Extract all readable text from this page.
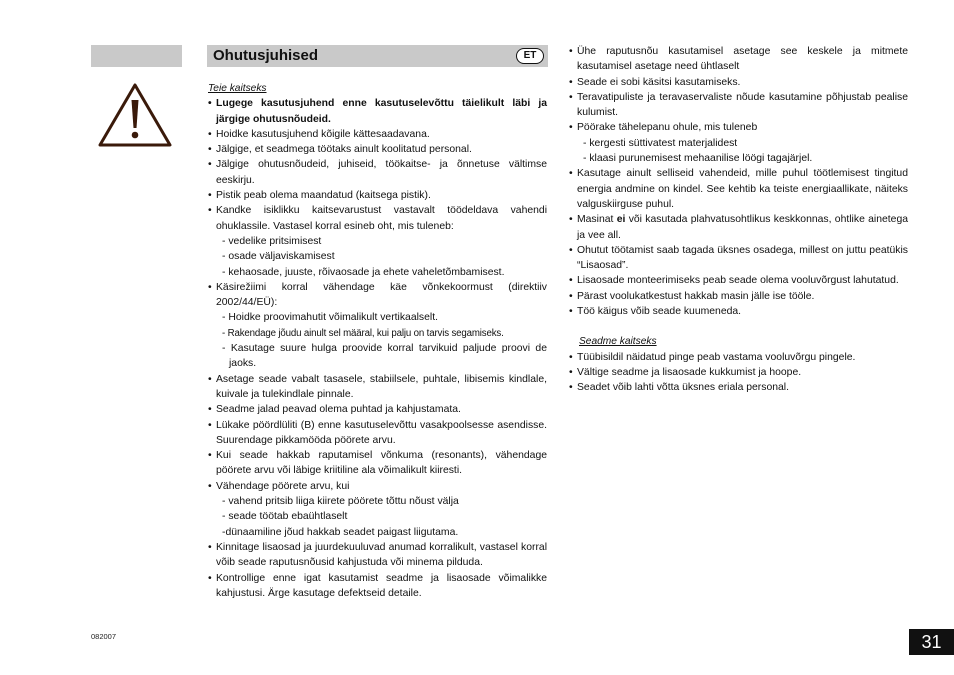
Ohutusjuhised	ET

Teie kaitseks

• Lugege kasutusjuhend enne kasutuselevõttu täielikult läbi ja järgige ohutusnõudeid.

• Hoidke kasutusjuhend kõigile kättesaadavana.

• Jälgige, et seadmega töötaks ainult koolitatud personal.

• Jälgige ohutusnõudeid, juhiseid, töökaitse- ja õnnetuse vältimse eeskirju.

• Pistik peab olema maandatud (kaitsega pistik).

• Kandke isiklikku kaitsevarustust vastavalt töödeldava vahendi ohuklassile. Vastasel korral esineb oht, mis tuleneb:

- vedelike pritsimisest

- osade väljaviskamisest

- kehaosade, juuste, rõivaosade ja ehete vaheletõmbamisest.

• Käsirežiimi korral vähendage käe võnkekoormust (direktiiv 2002/44/EÜ):

- Hoidke proovimahutit võimalikult vertikaalselt.

- Rakendage jõudu ainult sel määral, kui palju on tarvis segamiseks.

- Kasutage suure hulga proovide korral tarvikuid paljude proovi de jaoks.

• Asetage seade vabalt tasasele, stabiilsele, puhtale, libisemis kindlale, kuivale ja tulekindlale pinnale.

• Seadme jalad peavad olema puhtad ja kahjustamata.

• Lükake pöördlüliti (B) enne kasutuselevõttu vasakpoolsesse asendisse. Suurendage pikkamööda pöörete arvu.

• Kui seade hakkab raputamisel võnkuma (resonants), vähendage pöörete arvu või läbige kriitiline ala võimalikult kiiresti.

• Vähendage pöörete arvu, kui

- vahend pritsib liiga kiirete pöörete tõttu nõust välja

- seade töötab ebaühtlaselt

-dünaamiline jõud hakkab seadet paigast liigutama.

• Kinnitage lisaosad ja juurdekuuluvad anumad korralikult, vastasel korral võib seade raputusnõusid kahjustuda või minema pilduda.

• Kontrollige enne igat kasutamist seadme ja lisaosade võimalikke kahjustusi. Ärge kasutage defektseid detaile.

• Ühe raputusnõu kasutamisel asetage see keskele ja mitmete kasutamisel asetage need ühtlaselt

• Seade ei sobi käsitsi kasutamiseks.

• Teravatipuliste ja teravaservaliste nõude kasutamine põhjustab pealise kulumist.

• Pöörake tähelepanu ohule, mis tuleneb

- kergesti süttivatest materjalidest

- klaasi purunemisest mehaanilise löögi tagajärjel.

• Kasutage ainult selliseid vahendeid, mille puhul töötlemisest tingitud energia andmine on kindel. See kehtib ka teiste energiaallikate, näiteks valguskiirguse puhul.

• Masinat ei või kasutada plahvatusohtlikus keskkonnas, ohtlike ainetega ja vee all.

• Ohutut töötamist saab tagada üksnes osadega, millest on juttu peatükis “Lisaosad”.

• Lisaosade monteerimiseks peab seade olema vooluvõrgust lahutatud.

• Pärast voolukatkestust hakkab masin jälle ise tööle.

• Töö käigus võib seade kuumeneda.

Seadme kaitseks

• Tüübisildil näidatud pinge peab vastama vooluvõrgu pingele.

• Vältige seadme ja lisaosade kukkumist ja hoope.

• Seadet võib lahti võtta üksnes eriala personal.

082007	31
